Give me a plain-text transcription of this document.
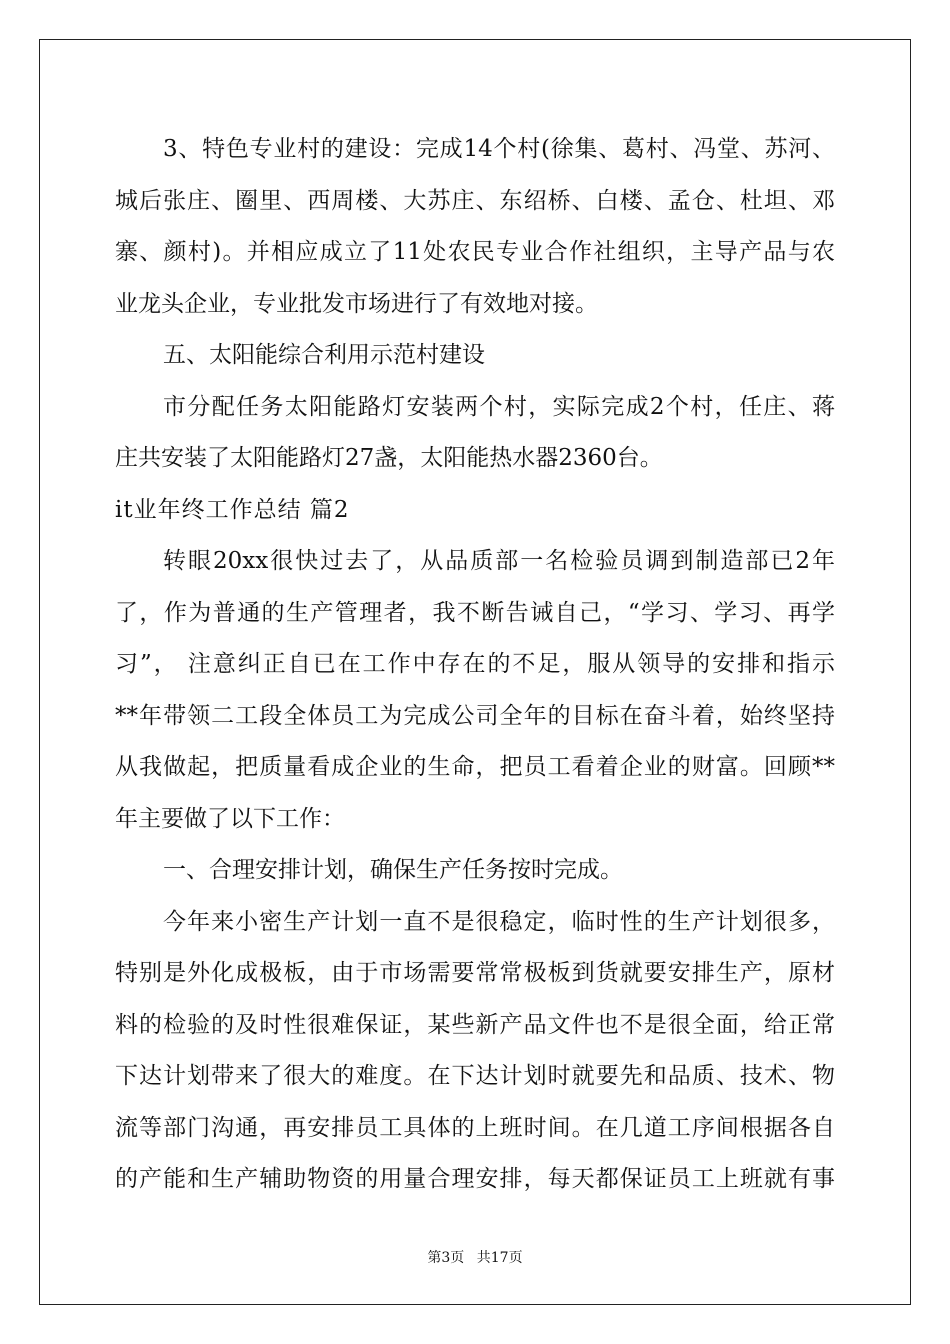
3、特色专业村的建设：完成14个村(徐集、葛村、冯堂、苏河、
城后张庄、圈里、西周楼、大苏庄、东绍桥、白楼、孟仓、杜坦、邓
寨、颜村)。并相应成立了11处农民专业合作社组织，主导产品与农
业龙头企业，专业批发市场进行了有效地对接。
五、太阳能综合利用示范村建设
市分配任务太阳能路灯安装两个村，实际完成2个村，任庄、蒋
庄共安装了太阳能路灯27盏，太阳能热水器2360台。
it业年终工作总结 篇2
转眼20xx很快过去了，从品质部一名检验员调到制造部已2年
了，作为普通的生产管理者，我不断告诫自己，“学习、学习、再学
习”， 注意纠正自已在工作中存在的不足，服从领导的安排和指示
**年带领二工段全体员工为完成公司全年的目标在奋斗着，始终坚持
从我做起，把质量看成企业的生命，把员工看着企业的财富。回顾**
年主要做了以下工作：
一、合理安排计划，确保生产任务按时完成。
今年来小密生产计划一直不是很稳定，临时性的生产计划很多，
特别是外化成极板，由于市场需要常常极板到货就要安排生产，原材
料的检验的及时性很难保证，某些新产品文件也不是很全面，给正常
下达计划带来了很大的难度。在下达计划时就要先和品质、技术、物
流等部门沟通，再安排员工具体的上班时间。在几道工序间根据各自
的产能和生产辅助物资的用量合理安排，每天都保证员工上班就有事
第3页 共17页
